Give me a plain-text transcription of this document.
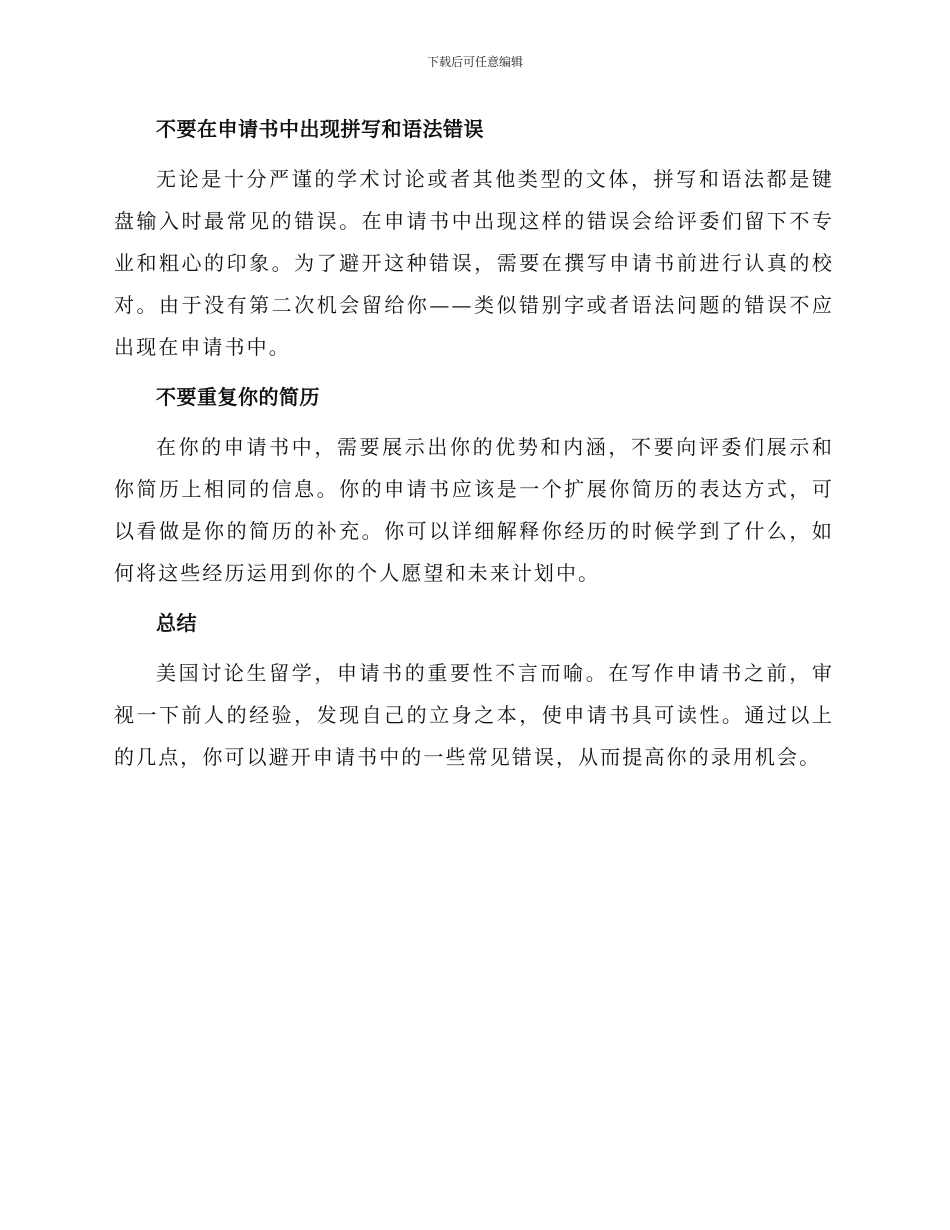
下载后可任意编辑
不要在申请书中出现拼写和语法错误

无论是十分严谨的学术讨论或者其他类型的文体，拼写和语法都是键盘输入时最常见的错误。在申请书中出现这样的错误会给评委们留下不专业和粗心的印象。为了避开这种错误，需要在撰写申请书前进行认真的校对。由于没有第二次机会留给你——类似错别字或者语法问题的错误不应出现在申请书中。

不要重复你的简历

在你的申请书中，需要展示出你的优势和内涵，不要向评委们展示和你简历上相同的信息。你的申请书应该是一个扩展你简历的表达方式，可以看做是你的简历的补充。你可以详细解释你经历的时候学到了什么，如何将这些经历运用到你的个人愿望和未来计划中。

总结

美国讨论生留学，申请书的重要性不言而喻。在写作申请书之前，审视一下前人的经验，发现自己的立身之本，使申请书具可读性。通过以上的几点，你可以避开申请书中的一些常见错误，从而提高你的录用机会。
